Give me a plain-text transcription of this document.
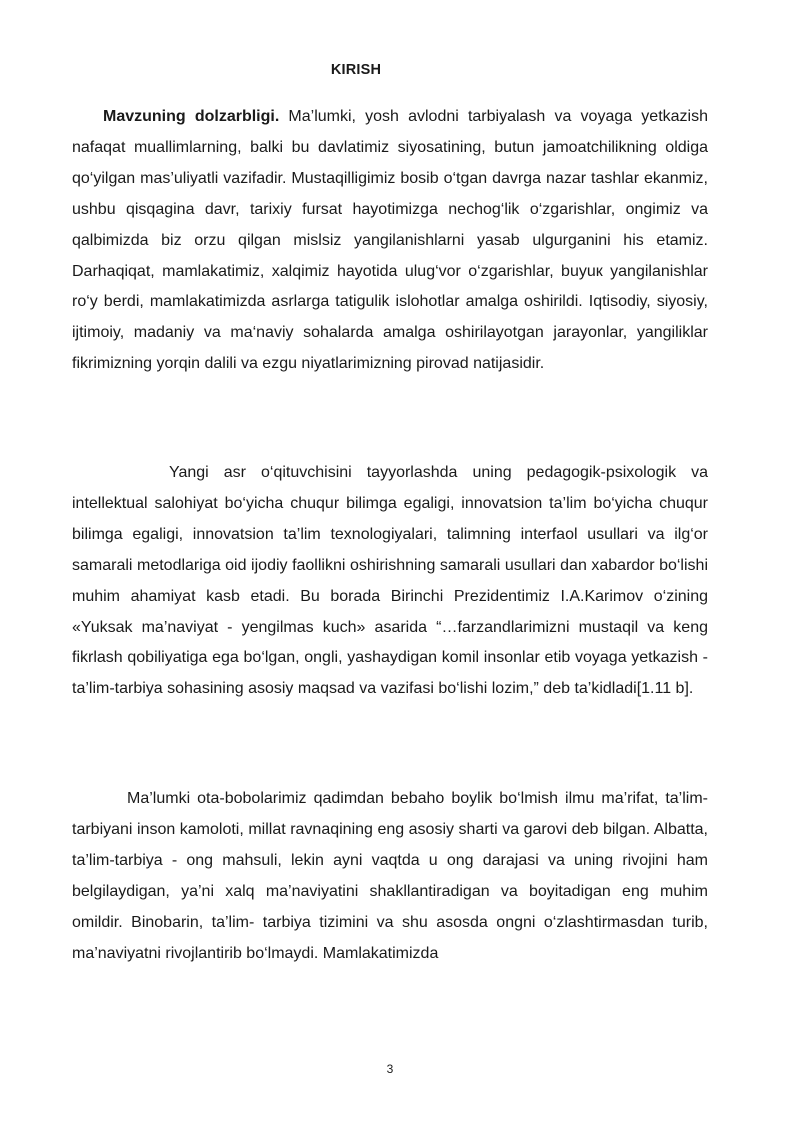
KIRISH

Mavzuning dolzarbligi. Ma’lumki, yosh avlodni tarbiyalash va voyaga yetkazish nafaqat muallimlarning, balki bu davlatimiz siyosatining, butun jamoatchilikning oldiga qo‘yilgan mas’uliyatli vazifadir. Mustaqilligimiz bosib o‘tgan davrga nazar tashlar ekanmiz, ushbu qisqagina davr, tarixiy fursat hayotimizga nechog‘lik o‘zgarishlar, ongimiz va qalbimizda biz orzu qilgan mislsiz yangilanishlarni yasab ulgurganini his etamiz. Darhaqiqat, mamlakatimiz, xalqimiz hayotida ulug‘vor o‘zgarishlar, buyuк yangilanishlar ro‘y berdi, mamlakatimizda asrlarga tatigulik islohotlar amalga oshirildi. Iqtisodiy, siyosiy, ijtimoiy, madaniy va ma‘naviy sohalarda amalga oshirilayotgan jarayonlar, yangiliklar fikrimizning yorqin dalili va ezgu niyatlarimizning pirovad natijasidir.

Yangi asr o‘qituvchisini tayyorlashda uning pedagogik-psixologik va intellektual salohiyat bo‘yicha chuqur bilimga egaligi, innovatsion ta’lim bo‘yicha chuqur bilimga egaligi, innovatsion ta’lim texnologiyalari, talimning interfaol usullari va ilg‘or samarali metodlariga oid ijodiy faollikni oshirishning samarali usullari dan xabardor bo‘lishi muhim ahamiyat kasb etadi. Bu borada Birinchi Prezidentimiz I.A.Karimov o‘zining «Yuksak ma’naviyat - yengilmas kuch» asarida “…farzandlarimizni mustaqil va keng fikrlash qobiliyatiga ega bo‘lgan, ongli, yashaydigan komil insonlar etib voyaga yetkazish - ta’lim-tarbiya sohasining asosiy maqsad va vazifasi bo‘lishi lozim,” deb ta’kidladi[1.11 b].

Ma’lumki ota-bobolarimiz qadimdan bebaho boylik bo‘lmish ilmu ma’rifat, ta’lim-tarbiyani inson kamoloti, millat ravnaqining eng asosiy sharti va garovi deb bilgan. Albatta, ta’lim-tarbiya - ong mahsuli, lekin ayni vaqtda u ong darajasi va uning rivojini ham belgilaydigan, ya’ni xalq ma’naviyatini shakllantiradigan va boyitadigan eng muhim omildir. Binobarin, ta’lim- tarbiya tizimini va shu asosda ongni o‘zlashtirmasdan turib, ma’naviyatni rivojlantirib bo‘lmaydi. Mamlakatimizda

3
